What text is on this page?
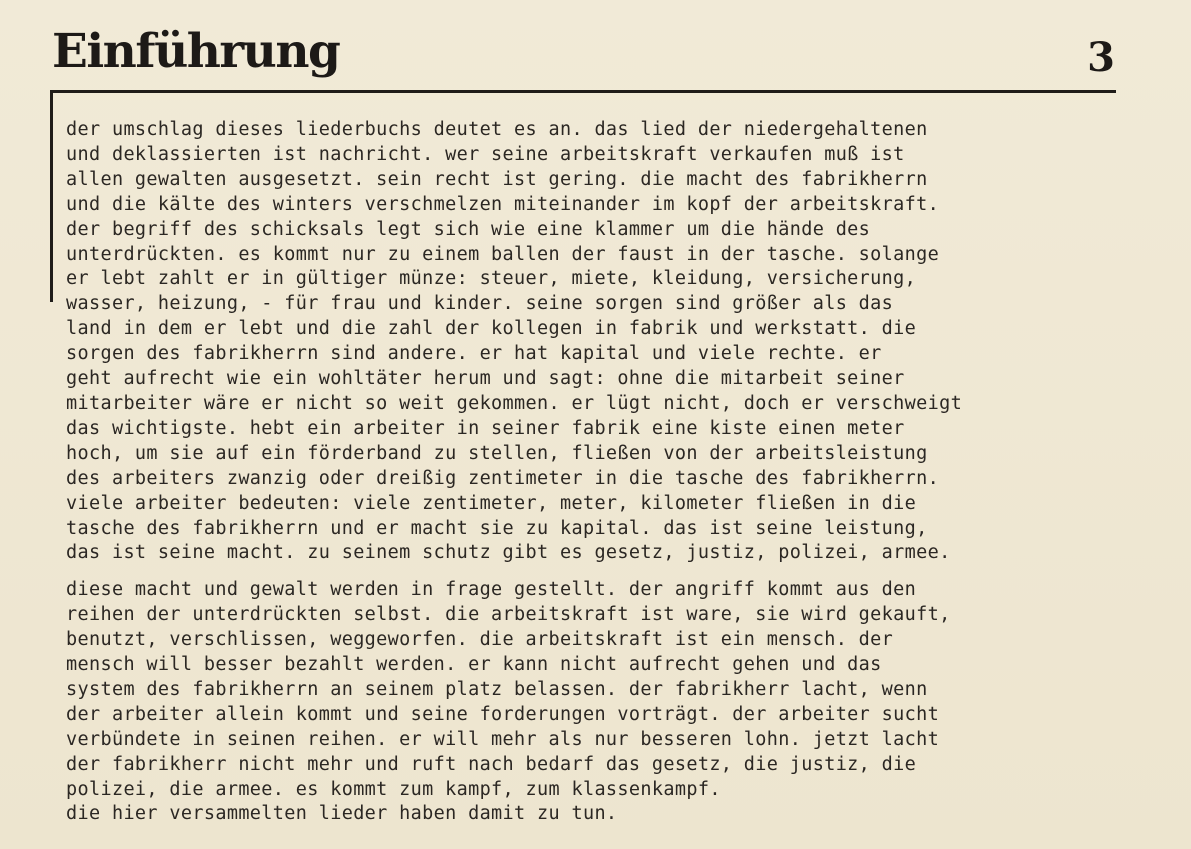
Einführung	3

der umschlag dieses liederbuchs deutet es an. das lied der niedergehaltenen
und deklassierten ist nachricht. wer seine arbeitskraft verkaufen muß ist
allen gewalten ausgesetzt. sein recht ist gering. die macht des fabrikherrn
und die kälte des winters verschmelzen miteinander im kopf der arbeitskraft.
der begriff des schicksals legt sich wie eine klammer um die hände des
unterdrückten. es kommt nur zu einem ballen der faust in der tasche. solange
er lebt zahlt er in gültiger münze: steuer, miete, kleidung, versicherung,
wasser, heizung, - für frau und kinder. seine sorgen sind größer als das
land in dem er lebt und die zahl der kollegen in fabrik und werkstatt. die
sorgen des fabrikherrn sind andere. er hat kapital und viele rechte. er
geht aufrecht wie ein wohltäter herum und sagt: ohne die mitarbeit seiner
mitarbeiter wäre er nicht so weit gekommen. er lügt nicht, doch er verschweigt
das wichtigste. hebt ein arbeiter in seiner fabrik eine kiste einen meter
hoch, um sie auf ein förderband zu stellen, fließen von der arbeitsleistung
des arbeiters zwanzig oder dreißig zentimeter in die tasche des fabrikherrn.
viele arbeiter bedeuten: viele zentimeter, meter, kilometer fließen in die
tasche des fabrikherrn und er macht sie zu kapital. das ist seine leistung,
das ist seine macht. zu seinem schutz gibt es gesetz, justiz, polizei, armee.

diese macht und gewalt werden in frage gestellt. der angriff kommt aus den
reihen der unterdrückten selbst. die arbeitskraft ist ware, sie wird gekauft,
benutzt, verschlissen, weggeworfen. die arbeitskraft ist ein mensch. der
mensch will besser bezahlt werden. er kann nicht aufrecht gehen und das
system des fabrikherrn an seinem platz belassen. der fabrikherr lacht, wenn
der arbeiter allein kommt und seine forderungen vorträgt. der arbeiter sucht
verbündete in seinen reihen. er will mehr als nur besseren lohn. jetzt lacht
der fabrikherr nicht mehr und ruft nach bedarf das gesetz, die justiz, die
polizei, die armee. es kommt zum kampf, zum klassenkampf.
die hier versammelten lieder haben damit zu tun.
